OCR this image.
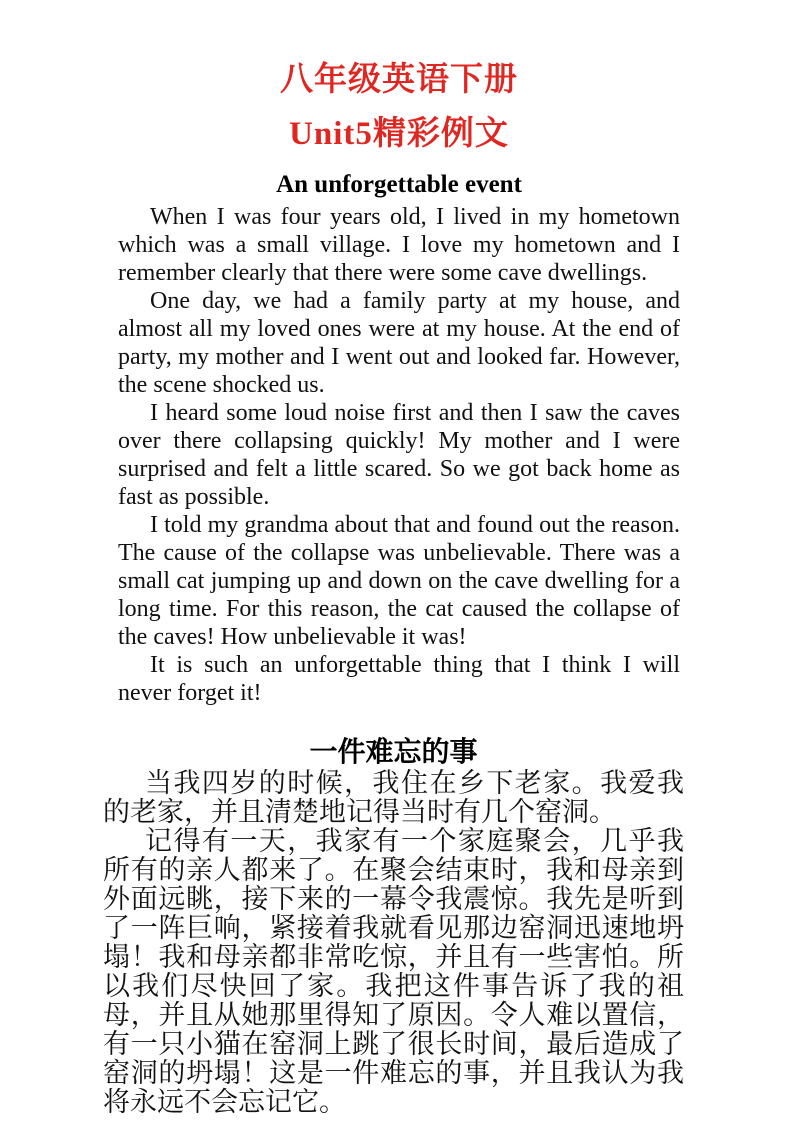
八年级英语下册
Unit5精彩例文
An unforgettable event

When I was four years old, I lived in my hometown which was a small village. I love my hometown and I remember clearly that there were some cave dwellings.

One day, we had a family party at my house, and almost all my loved ones were at my house. At the end of party, my mother and I went out and looked far. However, the scene shocked us.

I heard some loud noise first and then I saw the caves over there collapsing quickly! My mother and I were surprised and felt a little scared. So we got back home as fast as possible.

I told my grandma about that and found out the reason. The cause of the collapse was unbelievable. There was a small cat jumping up and down on the cave dwelling for a long time. For this reason, the cat caused the collapse of the caves! How unbelievable it was!

It is such an unforgettable thing that I think I will never forget it!

一件难忘的事

当我四岁的时候，我住在乡下老家。我爱我的老家，并且清楚地记得当时有几个窑洞。

记得有一天，我家有一个家庭聚会，几乎我所有的亲人都来了。在聚会结束时，我和母亲到外面远眺，接下来的一幕令我震惊。我先是听到了一阵巨响，紧接着我就看见那边窑洞迅速地坍塌！我和母亲都非常吃惊，并且有一些害怕。所以我们尽快回了家。我把这件事告诉了我的祖母，并且从她那里得知了原因。令人难以置信，有一只小猫在窑洞上跳了很长时间，最后造成了窑洞的坍塌！这是一件难忘的事，并且我认为我将永远不会忘记它。
